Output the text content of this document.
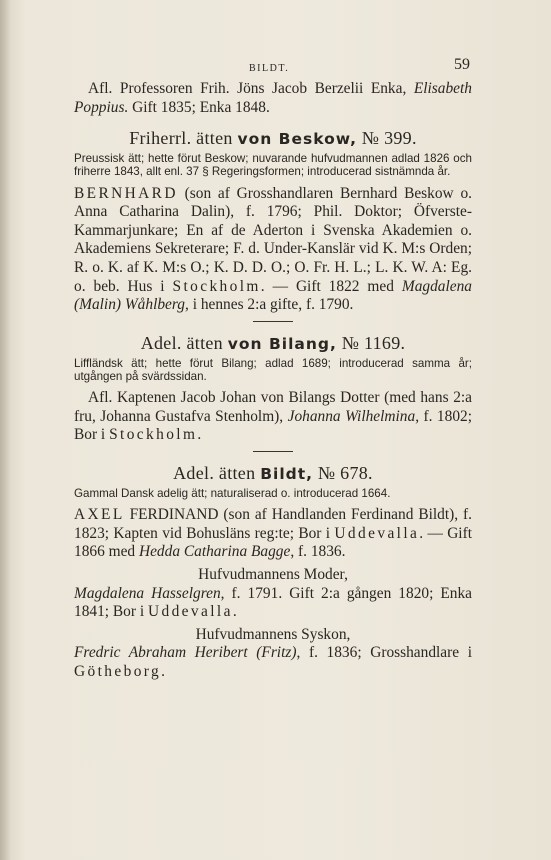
BILDT.	59

Afl. Professoren Frih. Jöns Jacob Berzelii Enka, Elisabeth Poppius. Gift 1835; Enka 1848.

Friherrl. ätten von Beskow, № 399.

Preussisk ätt; hette förut Beskow; nuvarande hufvudmannen adlad 1826 och friherre 1843, allt enl. 37 § Regeringsformen; introducerad sistnämnda år.

BERNHARD (son af Grosshandlaren Bernhard Beskow o. Anna Catharina Dalin), f. 1796; Phil. Doktor; Öfverste-Kammarjunkare; En af de Aderton i Svenska Akademien o. Akademiens Sekreterare; F. d. Under-Kanslär vid K. M:s Orden; R. o. K. af K. M:s O.; K. D. D. O.; O. Fr. H. L.; L. K. W. A: Eg. o. beb. Hus i Stockholm. — Gift 1822 med Magdalena (Malin) Wåhlberg, i hennes 2:a gifte, f. 1790.

Adel. ätten von Bilang, № 1169.

Liffländsk ätt; hette förut Bilang; adlad 1689; introducerad samma år; utgången på svärdssidan.

Afl. Kaptenen Jacob Johan von Bilangs Dotter (med hans 2:a fru, Johanna Gustafva Stenholm), Johanna Wilhelmina, f. 1802; Bor i Stockholm.

Adel. ätten Bildt, № 678.

Gammal Dansk adelig ätt; naturaliserad o. introducerad 1664.

AXEL FERDINAND (son af Handlanden Ferdinand Bildt), f. 1823; Kapten vid Bohusläns reg:te; Bor i Uddevalla. — Gift 1866 med Hedda Catharina Bagge, f. 1836.

Hufvudmannens Moder,

Magdalena Hasselgren, f. 1791. Gift 2:a gången 1820; Enka 1841; Bor i Uddevalla.

Hufvudmannens Syskon,

Fredric Abraham Heribert (Fritz), f. 1836; Grosshandlare i Götheborg.
